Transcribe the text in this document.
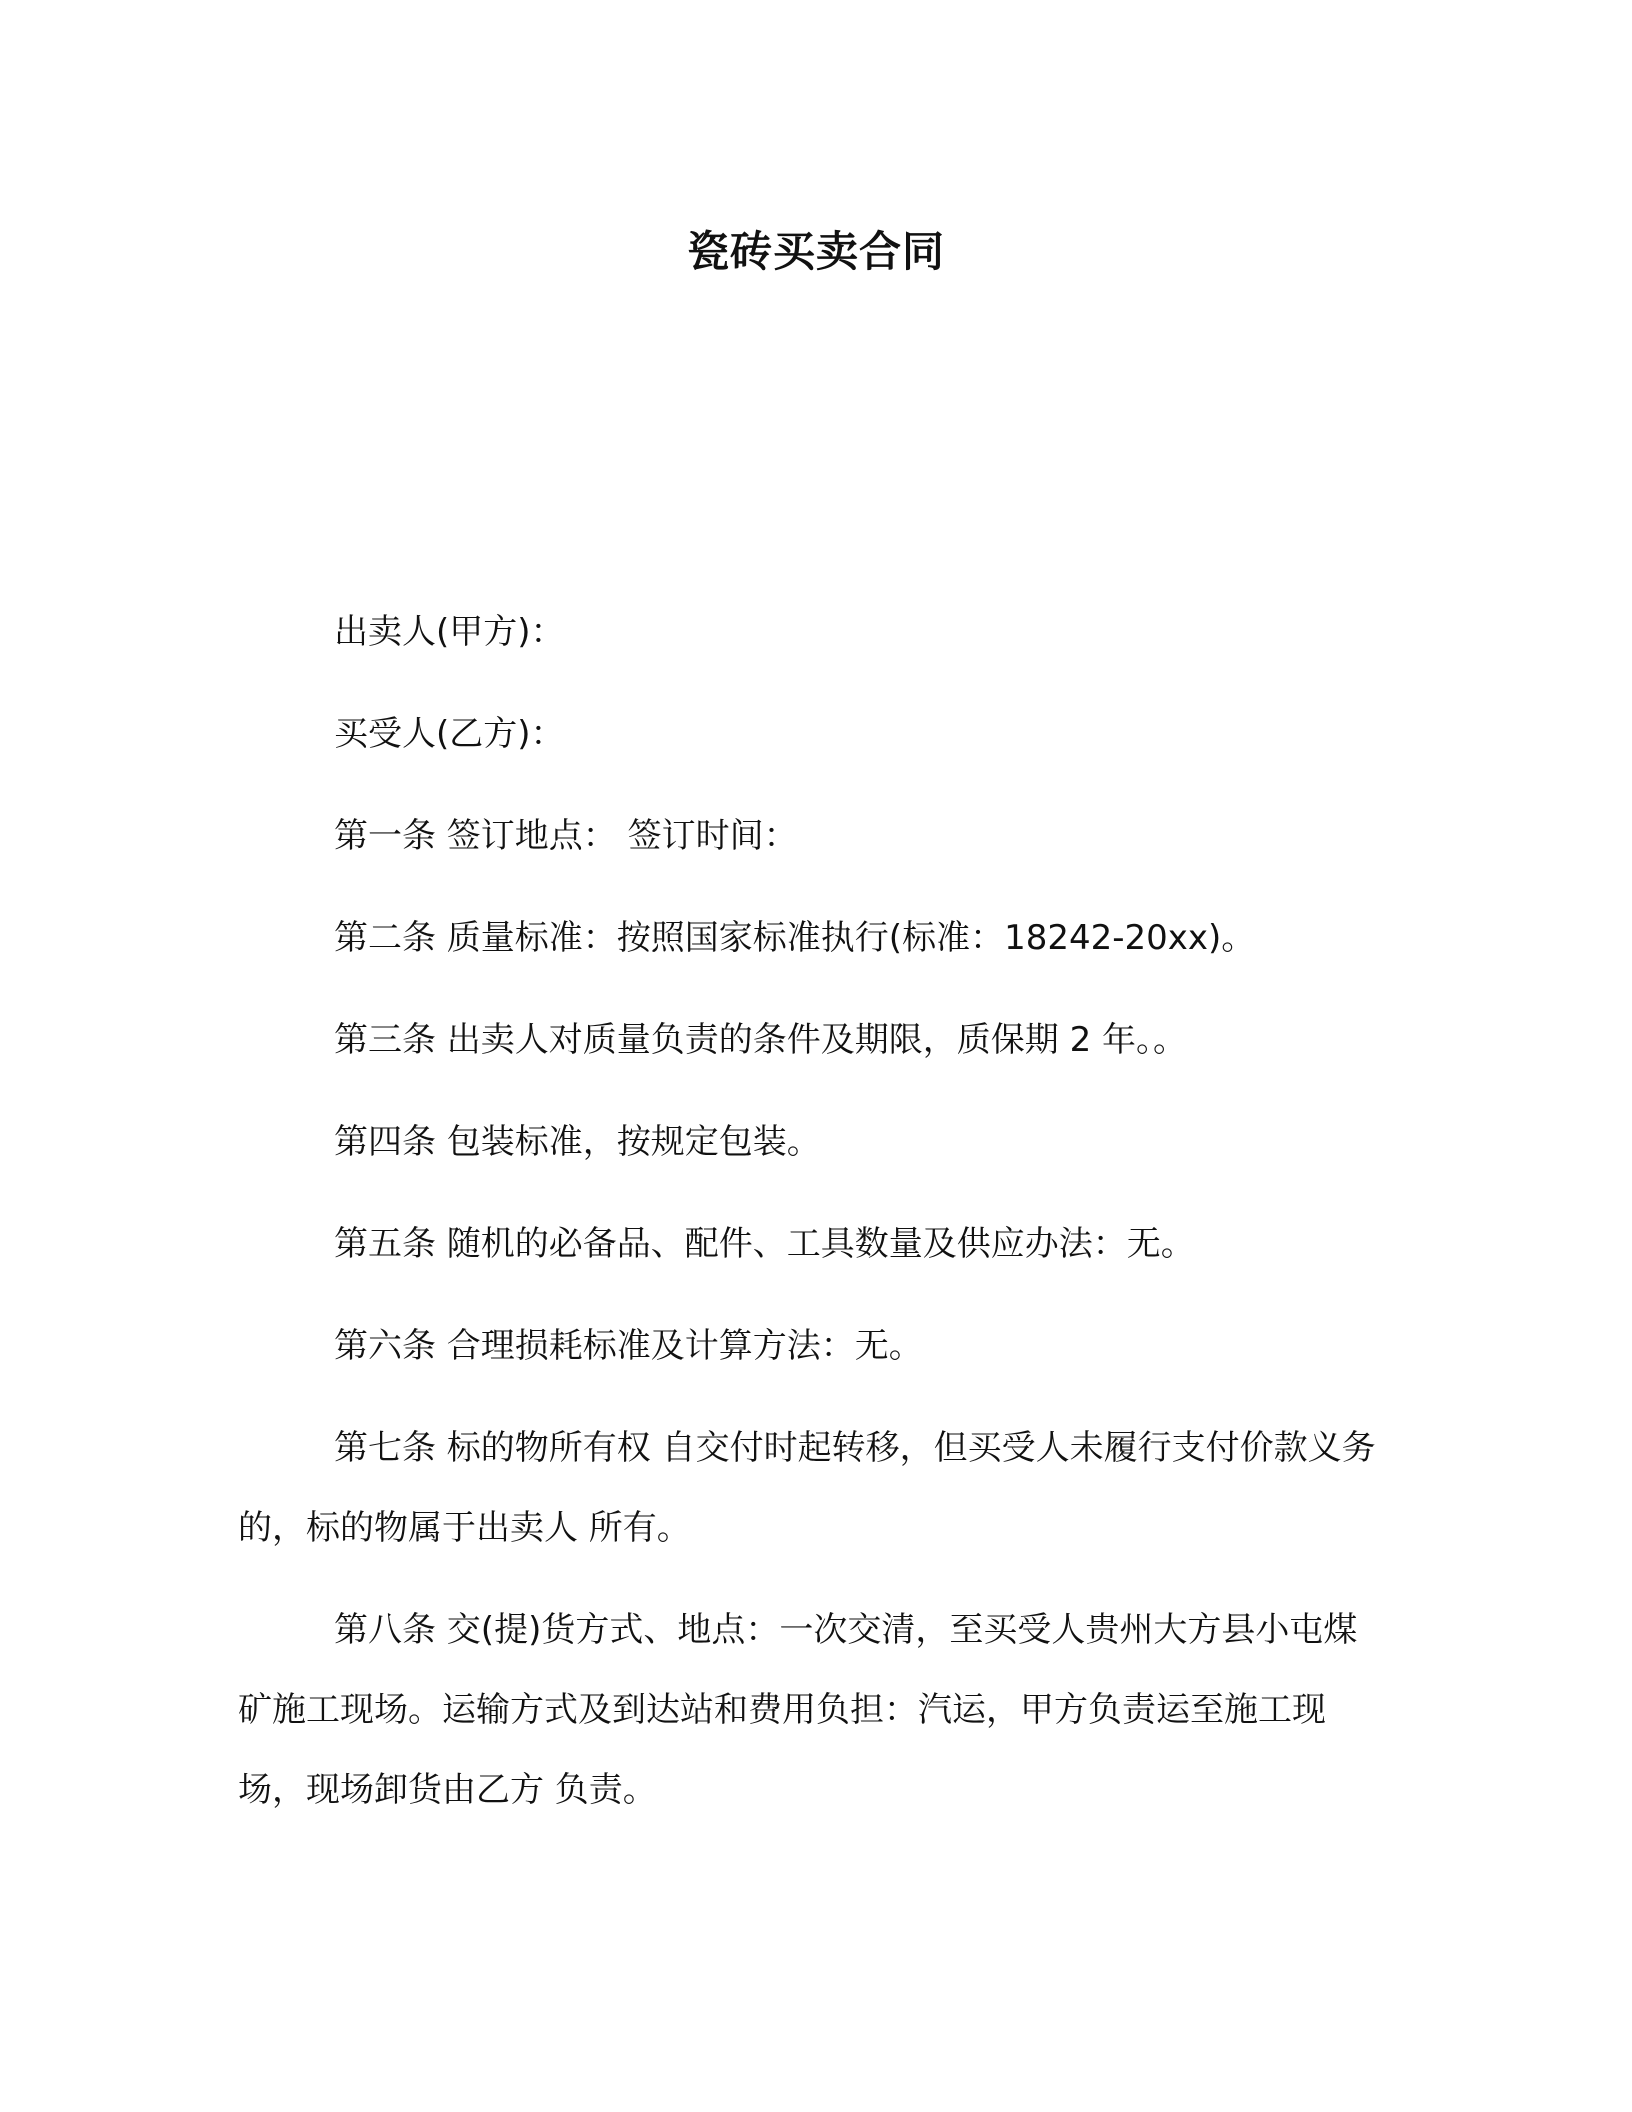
瓷砖买卖合同

出卖人(甲方)：

买受人(乙方)：

第一条 签订地点： 签订时间：

第二条 质量标准：按照国家标准执行(标准：18242-20xx)。

第三条 出卖人对质量负责的条件及期限，质保期 2 年。。

第四条 包装标准，按规定包装。

第五条 随机的必备品、配件、工具数量及供应办法：无。

第六条 合理损耗标准及计算方法：无。

第七条 标的物所有权 自交付时起转移，但买受人未履行支付价款义务的，标的物属于出卖人 所有。

第八条 交(提)货方式、地点：一次交清，至买受人贵州大方县小屯煤矿施工现场。运输方式及到达站和费用负担：汽运，甲方负责运至施工现场，现场卸货由乙方 负责。
